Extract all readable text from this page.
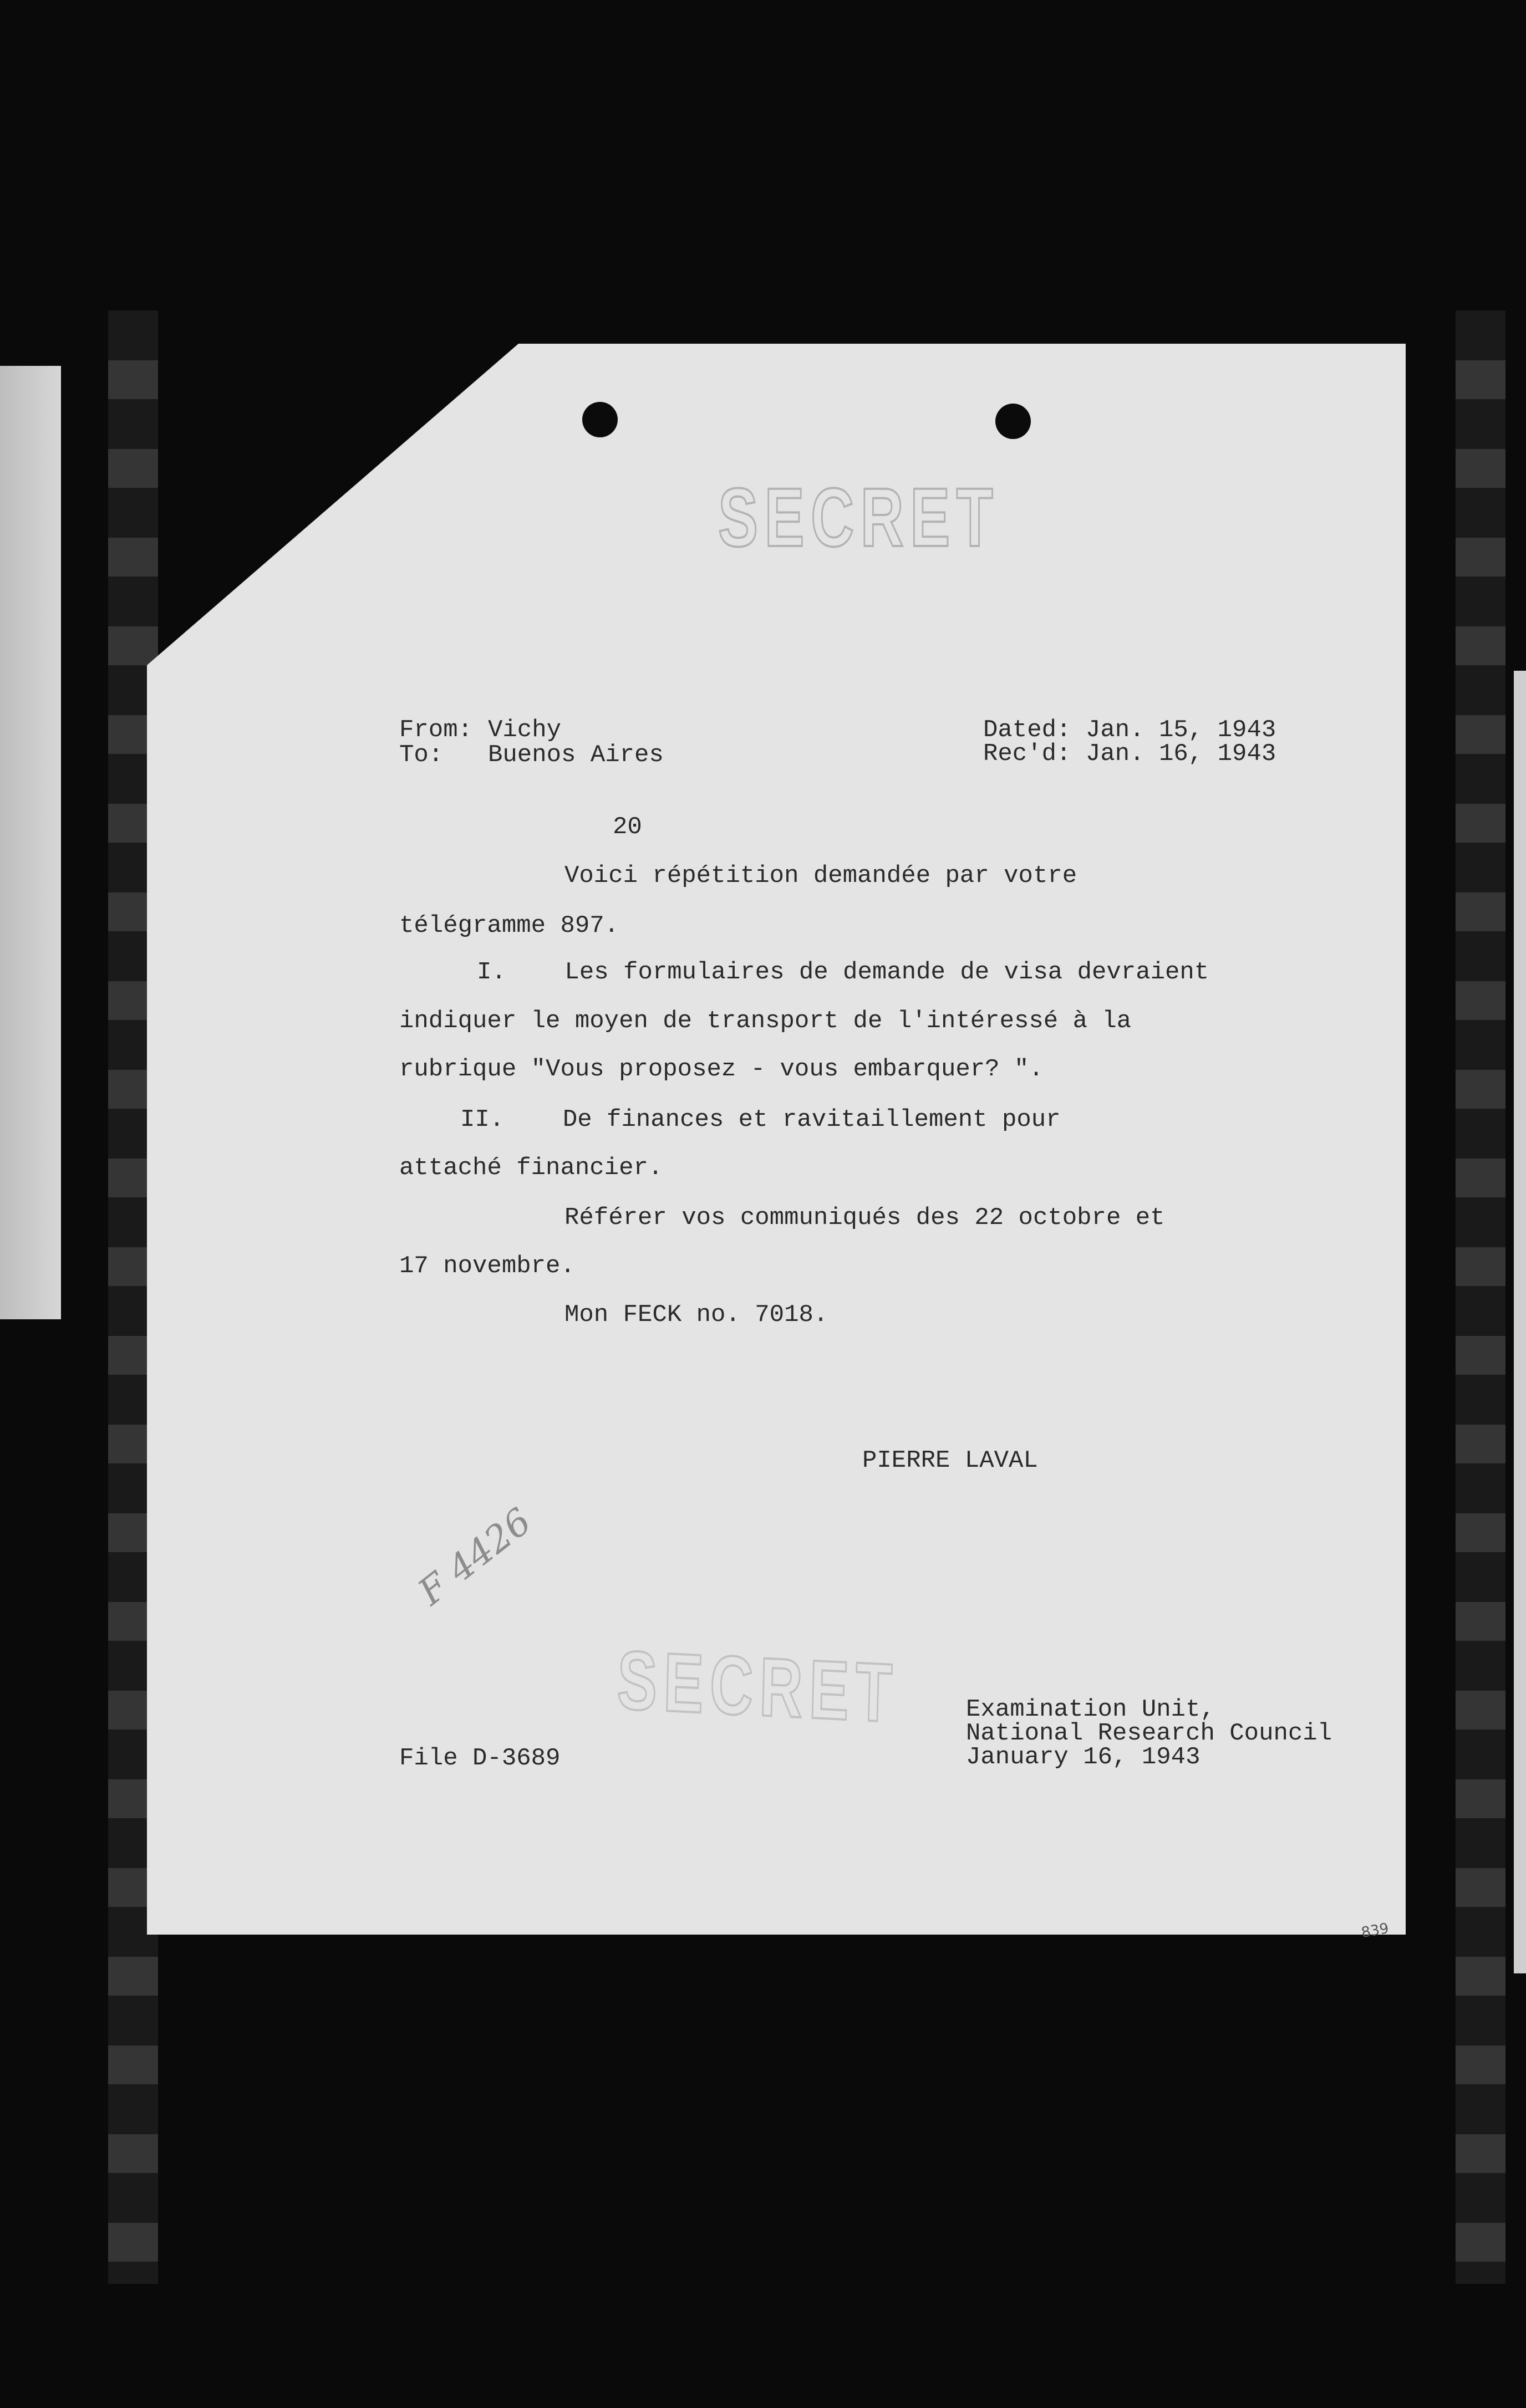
SECRET
SECRET
From: Vichy
To: Buenos Aires
Dated: Jan. 15, 1943
Rec'd: Jan. 16, 1943
20
Voici répétition demandée par votre
télégramme 897.
I.    Les formulaires de demande de visa devraient
indiquer le moyen de transport de l'intéressé à la
rubrique "Vous proposez - vous embarquer? ".
II.    De finances et ravitaillement pour
attaché financier.
Référer vos communiqués des 22 octobre et
17 novembre.
Mon FECK no. 7018.
PIERRE LAVAL
F 4426
839
File D-3689
Examination Unit,
National Research Council
January 16, 1943
